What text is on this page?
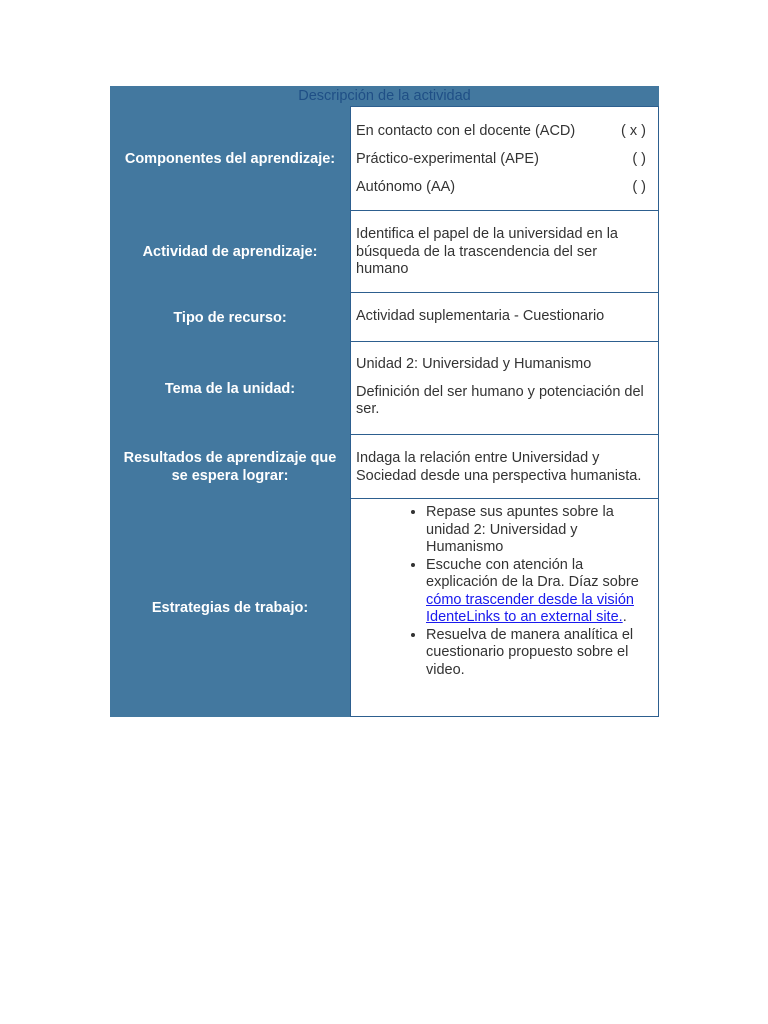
Descripción de la actividad
Componentes del aprendizaje:
En contacto con el docente (ACD)	( x )
Práctico-experimental (APE)	( )
Autónomo (AA)	( )
Actividad de aprendizaje:
Identifica el papel de la universidad en la búsqueda de la trascendencia del ser humano
Tipo de recurso:	Actividad suplementaria - Cuestionario
Tema de la unidad:
Unidad 2: Universidad y Humanismo
Definición del ser humano y potenciación del ser.
Resultados de aprendizaje que se espera lograr:
Indaga la relación entre Universidad y Sociedad desde una perspectiva humanista.
Estrategias de trabajo:
• Repase sus apuntes sobre la unidad 2: Universidad y Humanismo
• Escuche con atención la explicación de la Dra. Díaz sobre cómo trascender desde la visión IdenteLinks to an external site..
• Resuelva de manera analítica el cuestionario propuesto sobre el video.
